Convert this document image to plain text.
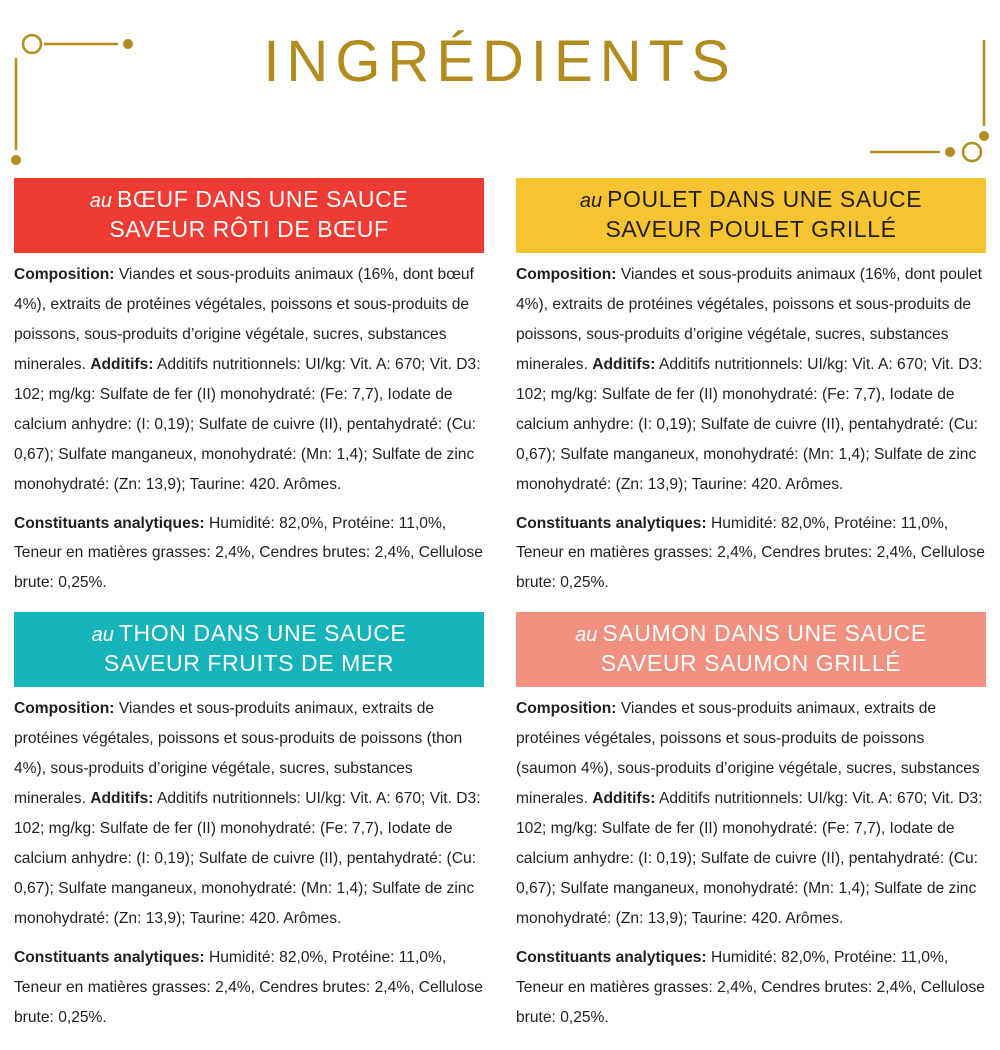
INGRÉDIENTS
au BŒUF DANS UNE SAUCE
SAVEUR RÔTI DE BŒUF

Composition: Viandes et sous-produits animaux (16%, dont bœuf 4%), extraits de protéines végétales, poissons et sous-produits de poissons, sous-produits d’origine végétale, sucres, substances minerales. Additifs: Additifs nutritionnels: UI/kg: Vit. A: 670; Vit. D3: 102; mg/kg: Sulfate de fer (II) monohydraté: (Fe: 7,7), Iodate de calcium anhydre: (I: 0,19); Sulfate de cuivre (II), pentahydraté: (Cu: 0,67); Sulfate manganeux, monohydraté: (Mn: 1,4); Sulfate de zinc monohydraté: (Zn: 13,9); Taurine: 420. Arômes.

Constituants analytiques: Humidité: 82,0%, Protéine: 11,0%, Teneur en matières grasses: 2,4%, Cendres brutes: 2,4%, Cellulose brute: 0,25%.

au THON DANS UNE SAUCE
SAVEUR FRUITS DE MER

Composition: Viandes et sous-produits animaux, extraits de protéines végétales, poissons et sous-produits de poissons (thon 4%), sous-produits d’origine végétale, sucres, substances minerales. Additifs: Additifs nutritionnels: UI/kg: Vit. A: 670; Vit. D3: 102; mg/kg: Sulfate de fer (II) monohydraté: (Fe: 7,7), Iodate de calcium anhydre: (I: 0,19); Sulfate de cuivre (II), pentahydraté: (Cu: 0,67); Sulfate manganeux, monohydraté: (Mn: 1,4); Sulfate de zinc monohydraté: (Zn: 13,9); Taurine: 420. Arômes.

Constituants analytiques: Humidité: 82,0%, Protéine: 11,0%, Teneur en matières grasses: 2,4%, Cendres brutes: 2,4%, Cellulose brute: 0,25%.

au POULET DANS UNE SAUCE
SAVEUR POULET GRILLÉ

Composition: Viandes et sous-produits animaux (16%, dont poulet 4%), extraits de protéines végétales, poissons et sous-produits de poissons, sous-produits d’origine végétale, sucres, substances minerales. Additifs: Additifs nutritionnels: UI/kg: Vit. A: 670; Vit. D3: 102; mg/kg: Sulfate de fer (II) monohydraté: (Fe: 7,7), Iodate de calcium anhydre: (I: 0,19); Sulfate de cuivre (II), pentahydraté: (Cu: 0,67); Sulfate manganeux, monohydraté: (Mn: 1,4); Sulfate de zinc monohydraté: (Zn: 13,9); Taurine: 420. Arômes.

Constituants analytiques: Humidité: 82,0%, Protéine: 11,0%, Teneur en matières grasses: 2,4%, Cendres brutes: 2,4%, Cellulose brute: 0,25%.

au SAUMON DANS UNE SAUCE
SAVEUR SAUMON GRILLÉ

Composition: Viandes et sous-produits animaux, extraits de protéines végétales, poissons et sous-produits de poissons (saumon 4%), sous-produits d’origine végétale, sucres, substances minerales. Additifs: Additifs nutritionnels: UI/kg: Vit. A: 670; Vit. D3: 102; mg/kg: Sulfate de fer (II) monohydraté: (Fe: 7,7), Iodate de calcium anhydre: (I: 0,19); Sulfate de cuivre (II), pentahydraté: (Cu: 0,67); Sulfate manganeux, monohydraté: (Mn: 1,4); Sulfate de zinc monohydraté: (Zn: 13,9); Taurine: 420. Arômes.

Constituants analytiques: Humidité: 82,0%, Protéine: 11,0%, Teneur en matières grasses: 2,4%, Cendres brutes: 2,4%, Cellulose brute: 0,25%.
